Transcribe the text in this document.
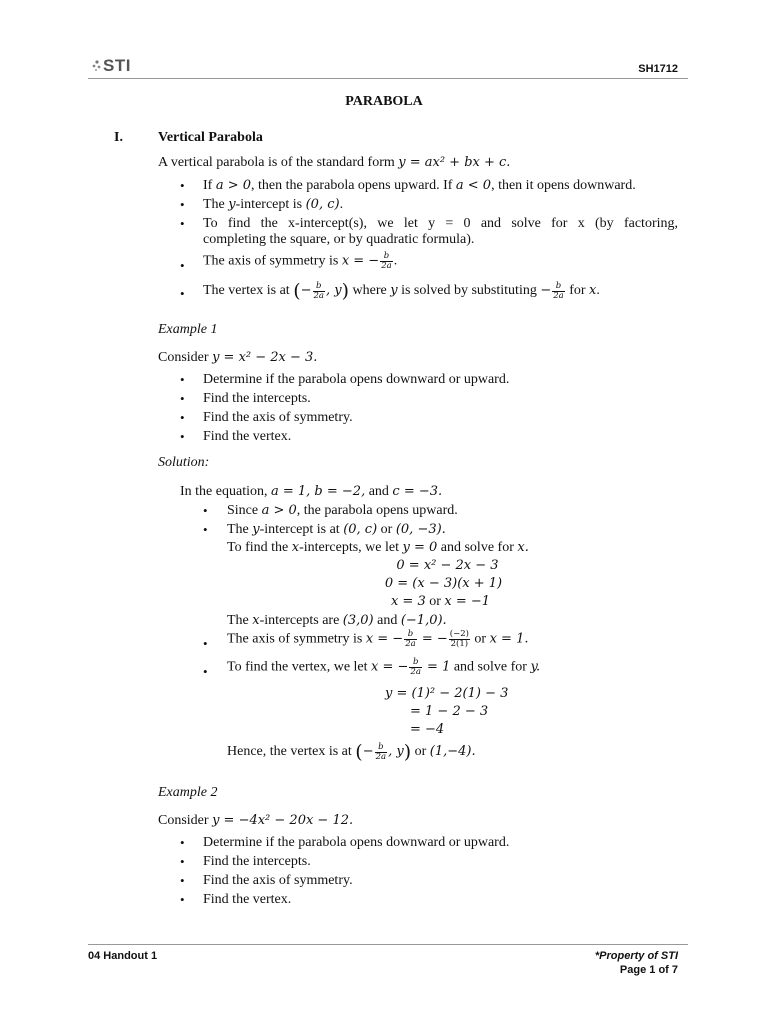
STI	SH1712
PARABOLA
I.	Vertical Parabola
A vertical parabola is of the standard form y = ax² + bx + c.
• If a > 0, then the parabola opens upward. If a < 0, then it opens downward.
• The y-intercept is (0, c).
• To find the x-intercept(s), we let y = 0 and solve for x (by factoring,
completing the square, or by quadratic formula).
• The axis of symmetry is x = − $\frac{b}{2a}$ .
• The vertex is at (− $\frac{b}{2a}$ , y) where y is solved by substituting − $\frac{b}{2a}$ for x.
Example 1
Consider y = x² − 2x − 3.
• Determine if the parabola opens downward or upward.
• Find the intercepts.
• Find the axis of symmetry.
• Find the vertex.
Solution:
In the equation, a = 1, b = −2, and c = −3.
• Since a > 0, the parabola opens upward.
• The y-intercept is at (0, c) or (0, −3).
To find the x-intercepts, we let y = 0 and solve for x.
0 = x² − 2x − 3
0 = (x − 3)(x + 1)
x = 3 or x = −1
The x-intercepts are (3,0) and (−1,0).
• The axis of symmetry is x = − $\frac{b}{2a}$ = − $\frac{(-2)}{2(1)}$ or x = 1.
• To find the vertex, we let x = − $\frac{b}{2a} = 1$ and solve for y.
y = (1)² − 2(1) − 3
= 1 − 2 − 3
= −4
Hence, the vertex is at (− $\frac{b}{2a}$ , y) or (1,−4).
Example 2
Consider y = −4x² − 20x − 12.
• Determine if the parabola opens downward or upward.
• Find the intercepts.
• Find the axis of symmetry.
• Find the vertex.
04 Handout 1	*Property of STI
Page 1 of 7
